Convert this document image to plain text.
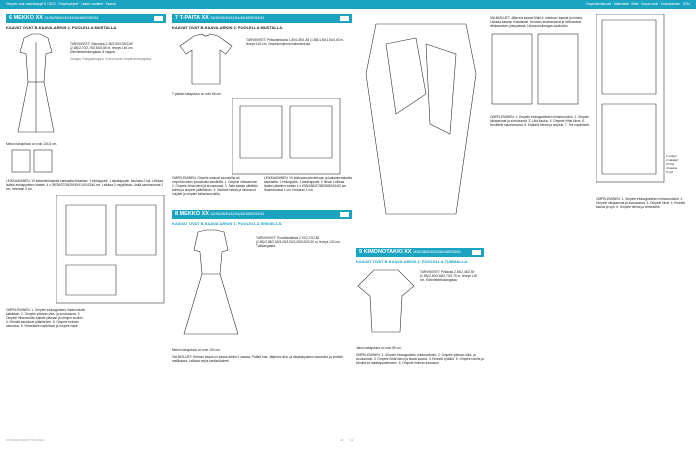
Ompele oma vaatekaappi! 6 / 2024 · Ompeluohjeet · Lasten vaatteet · Kaavat	Ompelukonekoulu · Materiaalit · Mitat · Kaava-arkki · Kokotaulukko · 2024
6 MEKKO XX 34/36/38/40/42/44/46/48/50/52/54
KAAVAT OVAT B-KAAVA-ARKIN 2. PUOLELLA MUSTALLA.
TARVIKKEET: Viskoosia 2,45/2,50/2,55/2,60 (2,65)/2,70/2,75/2,80/2,85 m, leveys 140 cm. Kiinnitetarttokangasta. 8 nappia.
Kangas: Kangaskauppa. Kuvan tuote ompelukonepajasta.
Mekon takapituus on noin 104,5 cm.
LEIKKAAMINEN: Yli kaksinkertaiselta kankaalta leikataan: 1 etukappale, 1 takakappale, kaulusta 2 kpl. Leikkaa lisäksi etukappaleen kaitale, 4 x 35/36/37/38/39/40/41/42/43/44 cm. Leikkaa 2 nappilistaa. Lisää saumanvarat 1 cm, helmaan 3 cm.
OMPELEMINEN: 1. Ompele etukappaleen rintamuotoilu kaksittain. 2. Ompele yläosan olka- ja sivusaumat. 3. Ompele hihansuiden kaitale yläosan ja hihojen suuihin. 4. Kiinnitä kaulukset pääntiehen. 5. Ompele helman saumaus. 6. Viimeistele napinlävet ja ompele napit.
7 T-PAITA XX 34/36/38/40/42/44/46/48/50/52/54
KAAVAT OVAT B-KAAVA-ARKIN 2. PUOLELLA MUSTALLA.
TARVIKKEET: Pellavatrikoota 1,55/1,55/1,55 (1,55)/1,60/1,60/1,60 m, leveys 140 cm. Ompeluohjeena kaksoisneula.
T-paidan takapituus on noin 66 cm.
OMPELEMINEN: Ompele saumat saumurilla tai ompelukoneen joustavalla tasotikillä. 1. Ompele olkasaumat. 2. Ompele hihat kiinni ja sivusaumat. 3. Taita kaitale pitkittäin kahtia ja ompele pääntiehen. 4. Käännä helma ja hihansuut nurjalle ja ompele kaksoisneulalla.
LEIKKAAMINEN: Yli leikkaussuunnitelman ja kaksinkertaiselta kankaalta: 1 etukappale, 1 takakappale, 2 hihaa. Leikkaa lisäksi pääntien kaitale 4 x 53/54/56/57/58/59/60/61/62 cm. Saumanvarat 1 cm, helmaan 2 cm.
8 MEKKO XX 34/36/38/40/42/44/46/48/50/52/54
KAAVAT OVAT B-KAAVA-ARKIN 1. PUOLELLA SINISELLÄ.
TARVIKKEET: Puuvillasatiinia 2,70/2,70/2,80 (2,80)/2,85/2,90/3,00/3,00/3,05/3,05/3,20 m, leveys 140 cm. Tukikangasta.
Mekon takapituus on noin 100 cm.
VALMISLUET: Helman kaava on kaava-arkilla 3 osassa. Pidätä mat. Jäljennä olka- ja takakappaleen kaavioiksi ja yhdistä mallikaava. Leikkaa myös kantisuikaleet.
9 KIMONOTAKKI XX 34/36/38/40/42/44/46/48/50/52/54
KAAVAT OVAT B-KAAVA-ARKIN 2. PUOLELLA TUMMALLA.
TARVIKKEET: Pellavaa 2,45/2,45/2,50 (2,55)/2,60/2,65/2,70/2,75 m, leveys 140 cm. Kiinnitetarttokangasta.
Jakun takapituus on noin 55 cm.
OMPELEMINEN: 1. Ompele etukappaleen rintamuotoilut. 2. Ompele yläosan olka- ja sivusaumat. 3. Ompele hihat kiinni ja tasaa sauma. 4. Kiinnitä vyötärö. 5. Ompele nauha ja kiinnitä se takakappaleeseen. 6. Ompele helman saumaus.
VALMISLUET: Jäljennä kaavat Malli 4: mekkoon kaavat ja mitoita. Leikkaa kaavan mukaisesti. Huomioi saumanvarat ja helmavarat leikkaamisen yhteydessä. Liimaa tukikangas kauluksiin.
OMPELEMINEN: 1. Ompele etukappaleiden rintamuotoilut. 2. Ompele olkasaumat ja sivusaumat. 3. Liitä kaulus. 4. Ompele hihat kiinni. 5. Huolittele saumanvarat. 6. Käännä helma ja ompele. 7. Tee napinlävet.
1 etukpl
2 takakpl
3 hiha
4 kaulus
5 vyö
OMPELEMINEN: 1. Ompele etukappaleiden rintamuotoilut. 2. Ompele olkasaumat ja sivusaumat. 3. Ompele hihat. 4. Kiinnitä kaulus ja vyö. 5. Ompele helma ja viimeistele.
KOTILIESI KÄSITYÖ 6/2024	10 11
